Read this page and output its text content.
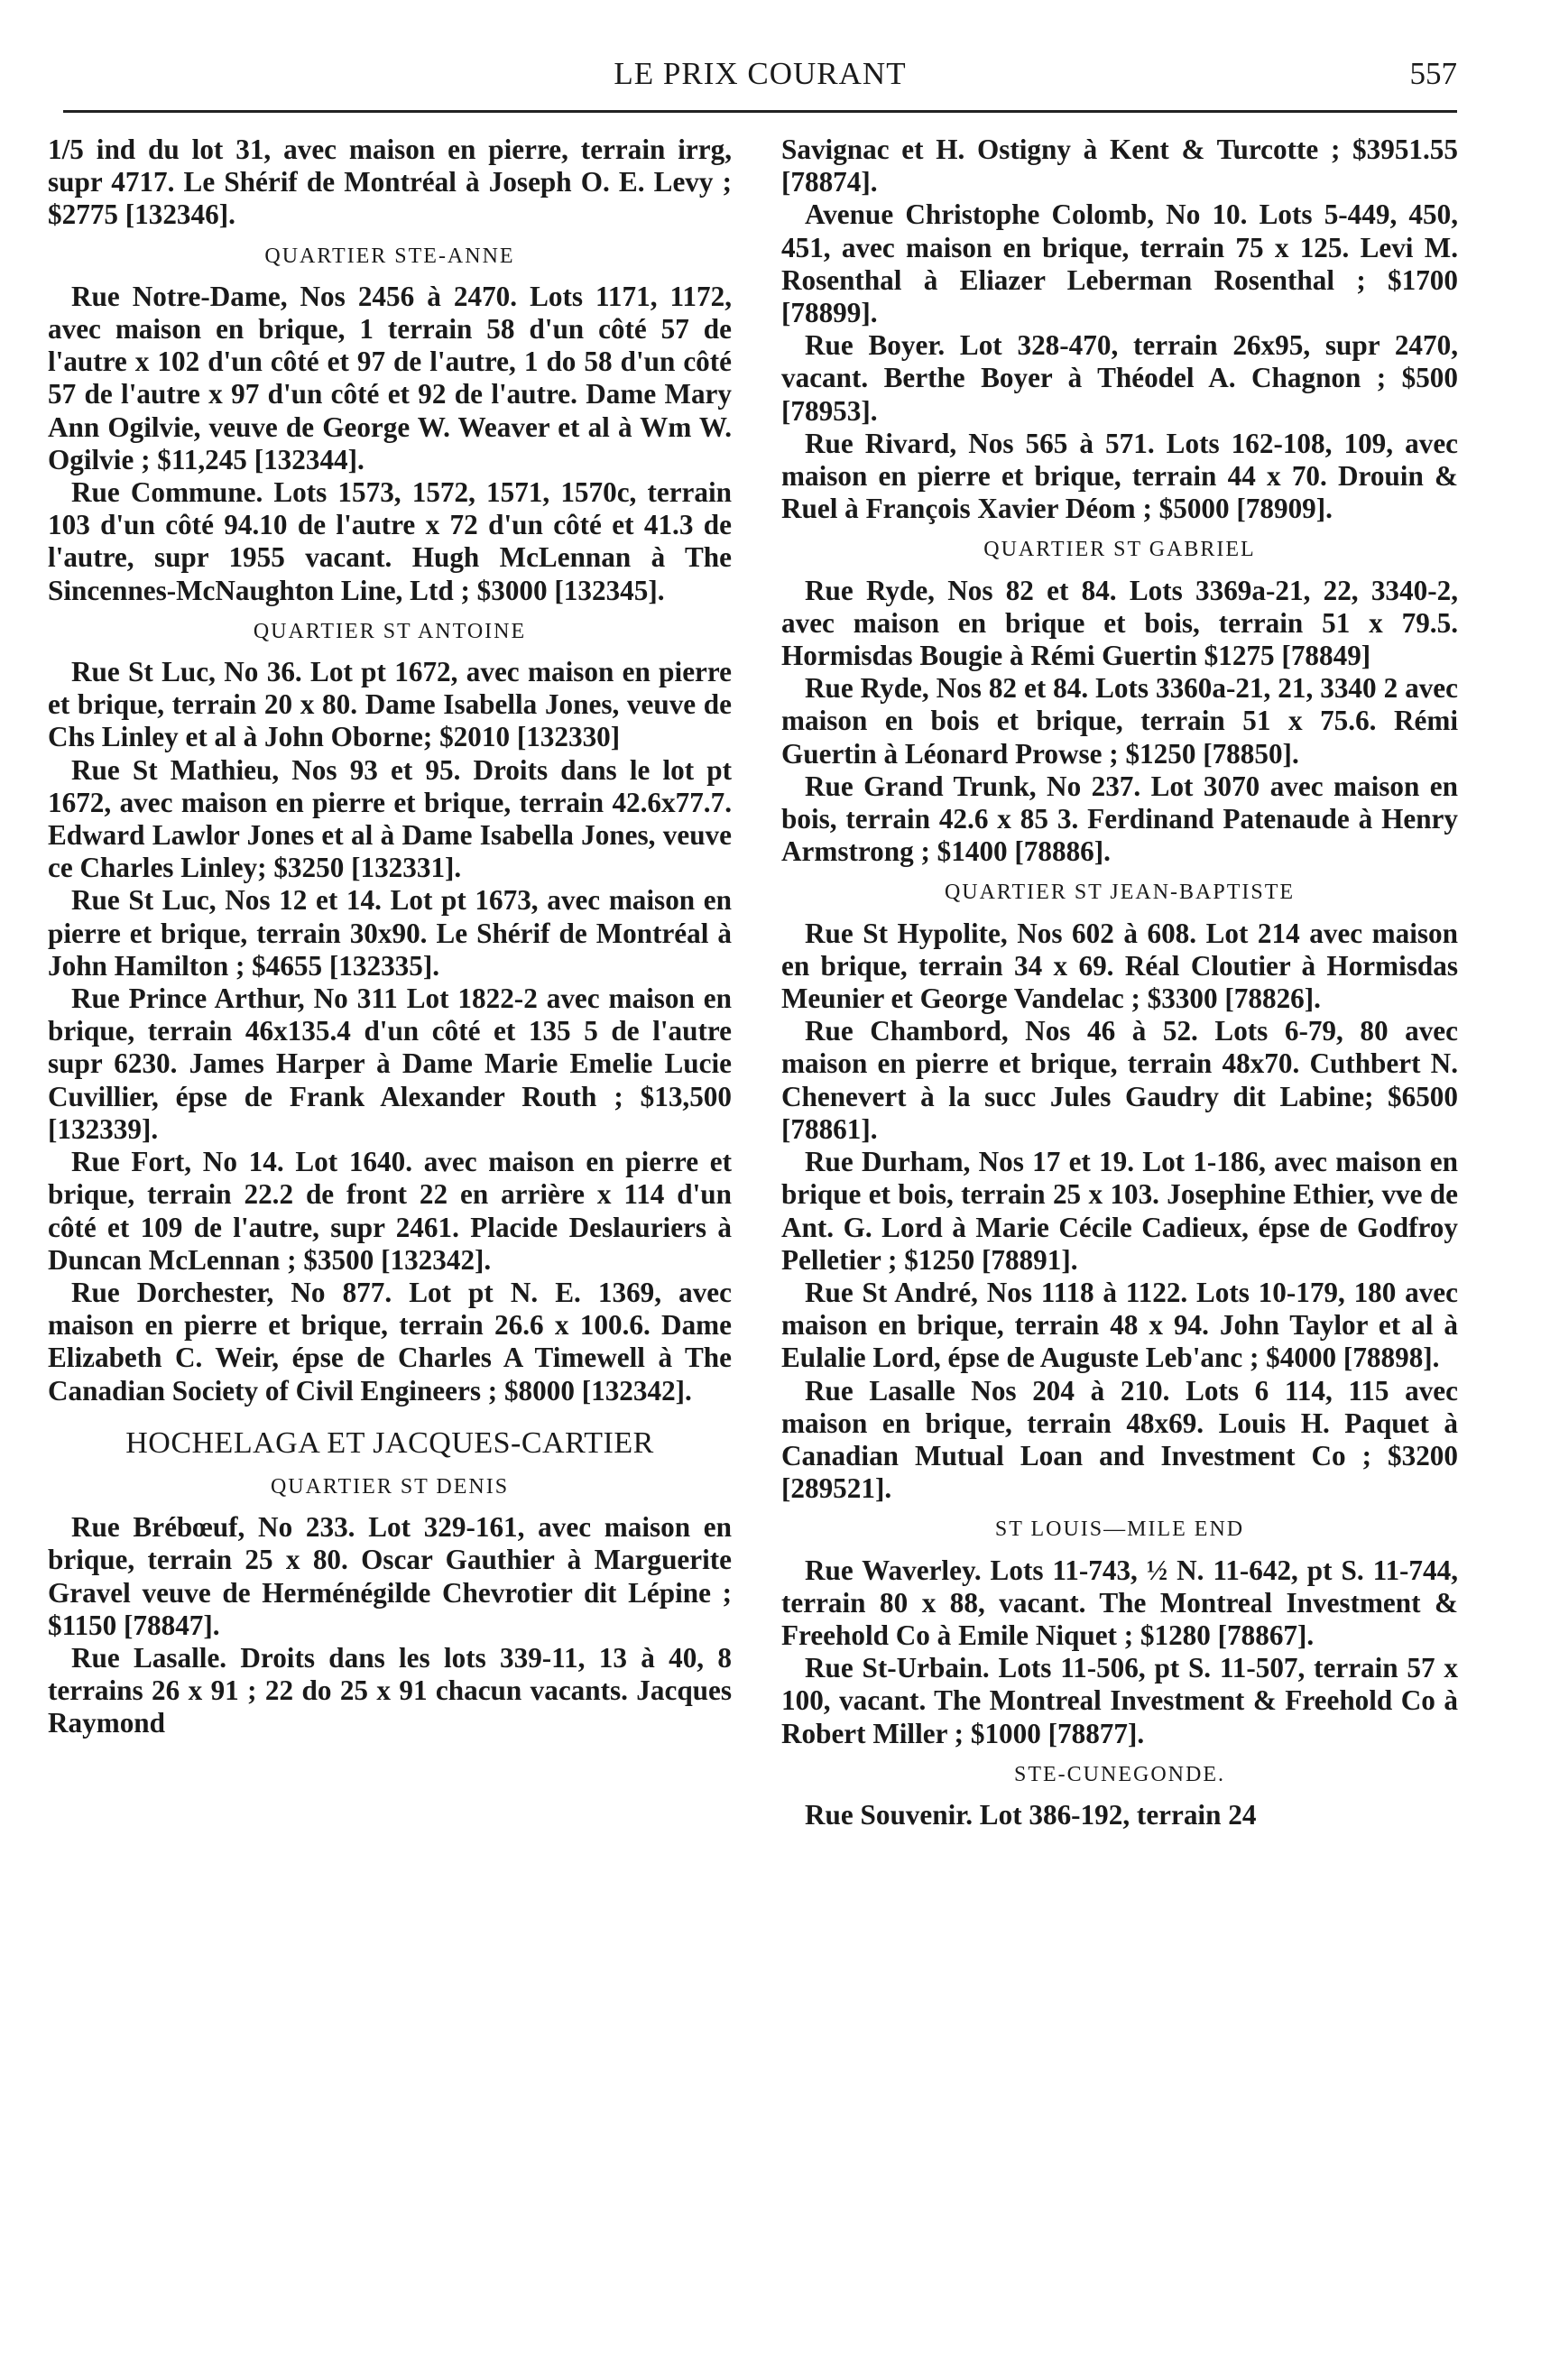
LE PRIX COURANT	557

1/5 ind du lot 31, avec maison en pierre, terrain irrg, supr 4717. Le Shérif de Montréal à Joseph O. E. Levy ; $2775 [132346].

QUARTIER STE-ANNE

Rue Notre-Dame, Nos 2456 à 2470. Lots 1171, 1172, avec maison en brique, 1 terrain 58 d'un côté 57 de l'autre x 102 d'un côté et 97 de l'autre, 1 do 58 d'un côté 57 de l'autre x 97 d'un côté et 92 de l'autre. Dame Mary Ann Ogilvie, veuve de George W. Weaver et al à Wm W. Ogilvie ; $11,245 [132344].

Rue Commune. Lots 1573, 1572, 1571, 1570c, terrain 103 d'un côté 94.10 de l'autre x 72 d'un côté et 41.3 de l'autre, supr 1955 vacant. Hugh McLennan à The Sincennes-McNaughton Line, Ltd ; $3000 [132345].

QUARTIER ST ANTOINE

Rue St Luc, No 36. Lot pt 1672, avec maison en pierre et brique, terrain 20 x 80. Dame Isabella Jones, veuve de Chs Linley et al à John Oborne; $2010 [132330]

Rue St Mathieu, Nos 93 et 95. Droits dans le lot pt 1672, avec maison en pierre et brique, terrain 42.6x77.7. Edward Lawlor Jones et al à Dame Isabella Jones, veuve ce Charles Linley; $3250 [132331].

Rue St Luc, Nos 12 et 14. Lot pt 1673, avec maison en pierre et brique, terrain 30x90. Le Shérif de Montréal à John Hamilton ; $4655 [132335].

Rue Prince Arthur, No 311 Lot 1822-2 avec maison en brique, terrain 46x135.4 d'un côté et 135 5 de l'autre supr 6230. James Harper à Dame Marie Emelie Lucie Cuvillier, épse de Frank Alexander Routh ; $13,500 [132339].

Rue Fort, No 14. Lot 1640. avec maison en pierre et brique, terrain 22.2 de front 22 en arrière x 114 d'un côté et 109 de l'autre, supr 2461. Placide Deslauriers à Duncan McLennan ; $3500 [132342].

Rue Dorchester, No 877. Lot pt N. E. 1369, avec maison en pierre et brique, terrain 26.6 x 100.6. Dame Elizabeth C. Weir, épse de Charles A Timewell à The Canadian Society of Civil Engineers ; $8000 [132342].

HOCHELAGA ET JACQUES-CARTIER
QUARTIER ST DENIS

Rue Brébœuf, No 233. Lot 329-161, avec maison en brique, terrain 25 x 80. Oscar Gauthier à Marguerite Gravel veuve de Herménégilde Chevrotier dit Lépine ; $1150 [78847].

Rue Lasalle. Droits dans les lots 339-11, 13 à 40, 8 terrains 26 x 91 ; 22 do 25 x 91 chacun vacants. Jacques Raymond

Savignac et H. Ostigny à Kent & Turcotte ; $3951.55 [78874].

Avenue Christophe Colomb, No 10. Lots 5-449, 450, 451, avec maison en brique, terrain 75 x 125. Levi M. Rosenthal à Eliazer Leberman Rosenthal ; $1700 [78899].

Rue Boyer. Lot 328-470, terrain 26x95, supr 2470, vacant. Berthe Boyer à Théodel A. Chagnon ; $500 [78953].

Rue Rivard, Nos 565 à 571. Lots 162-108, 109, avec maison en pierre et brique, terrain 44 x 70. Drouin & Ruel à François Xavier Déom ; $5000 [78909].

QUARTIER ST GABRIEL

Rue Ryde, Nos 82 et 84. Lots 3369a-21, 22, 3340-2, avec maison en brique et bois, terrain 51 x 79.5. Hormisdas Bougie à Rémi Guertin $1275 [78849]

Rue Ryde, Nos 82 et 84. Lots 3360a-21, 21, 3340 2 avec maison en bois et brique, terrain 51 x 75.6. Rémi Guertin à Léonard Prowse ; $1250 [78850].

Rue Grand Trunk, No 237. Lot 3070 avec maison en bois, terrain 42.6 x 85 3. Ferdinand Patenaude à Henry Armstrong ; $1400 [78886].

QUARTIER ST JEAN-BAPTISTE

Rue St Hypolite, Nos 602 à 608. Lot 214 avec maison en brique, terrain 34 x 69. Réal Cloutier à Hormisdas Meunier et George Vandelac ; $3300 [78826].

Rue Chambord, Nos 46 à 52. Lots 6-79, 80 avec maison en pierre et brique, terrain 48x70. Cuthbert N. Chenevert à la succ Jules Gaudry dit Labine; $6500 [78861].

Rue Durham, Nos 17 et 19. Lot 1-186, avec maison en brique et bois, terrain 25 x 103. Josephine Ethier, vve de Ant. G. Lord à Marie Cécile Cadieux, épse de Godfroy Pelletier ; $1250 [78891].

Rue St André, Nos 1118 à 1122. Lots 10-179, 180 avec maison en brique, terrain 48 x 94. John Taylor et al à Eulalie Lord, épse de Auguste Leb'anc ; $4000 [78898].

Rue Lasalle Nos 204 à 210. Lots 6 114, 115 avec maison en brique, terrain 48x69. Louis H. Paquet à Canadian Mutual Loan and Investment Co ; $3200 [289521].

ST LOUIS—MILE END

Rue Waverley. Lots 11-743, ½ N. 11-642, pt S. 11-744, terrain 80 x 88, vacant. The Montreal Investment & Freehold Co à Emile Niquet ; $1280 [78867].

Rue St-Urbain. Lots 11-506, pt S. 11-507, terrain 57 x 100, vacant. The Montreal Investment & Freehold Co à Robert Miller ; $1000 [78877].

STE-CUNEGONDE.

Rue Souvenir. Lot 386-192, terrain 24
